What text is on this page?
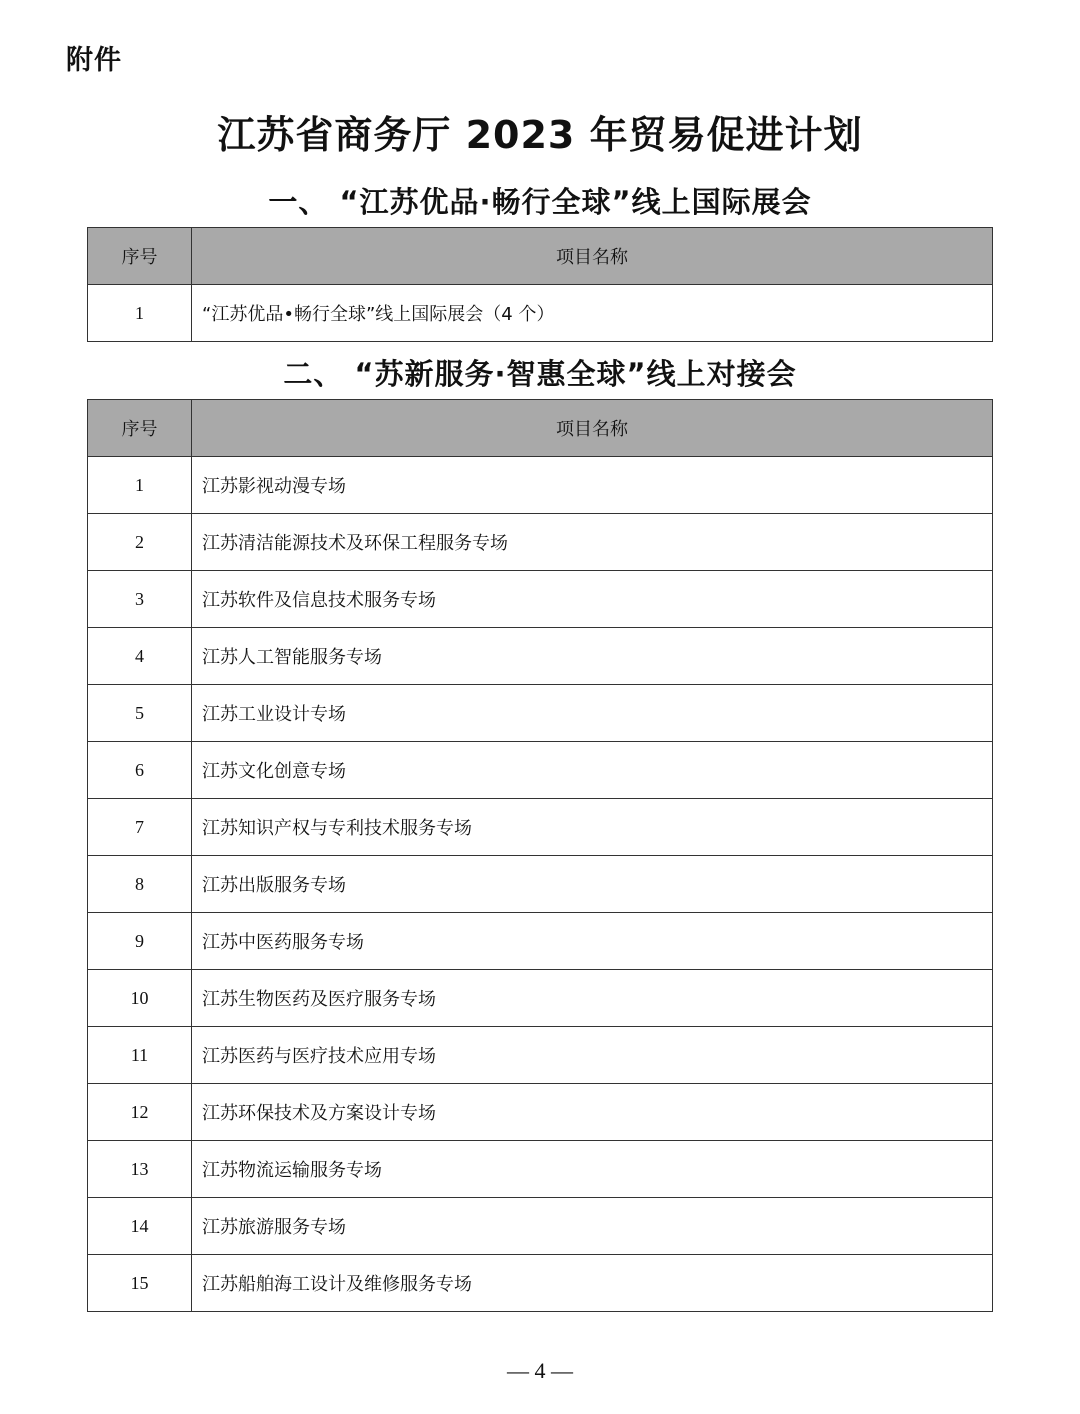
附件
江苏省商务厅 2023 年贸易促进计划
一、 “江苏优品·畅行全球”线上国际展会
序号	项目名称
1	“江苏优品•畅行全球”线上国际展会（4 个）
二、 “苏新服务·智惠全球”线上对接会
序号	项目名称
1	江苏影视动漫专场
2	江苏清洁能源技术及环保工程服务专场
3	江苏软件及信息技术服务专场
4	江苏人工智能服务专场
5	江苏工业设计专场
6	江苏文化创意专场
7	江苏知识产权与专利技术服务专场
8	江苏出版服务专场
9	江苏中医药服务专场
10	江苏生物医药及医疗服务专场
11	江苏医药与医疗技术应用专场
12	江苏环保技术及方案设计专场
13	江苏物流运输服务专场
14	江苏旅游服务专场
15	江苏船舶海工设计及维修服务专场
— 4 —
